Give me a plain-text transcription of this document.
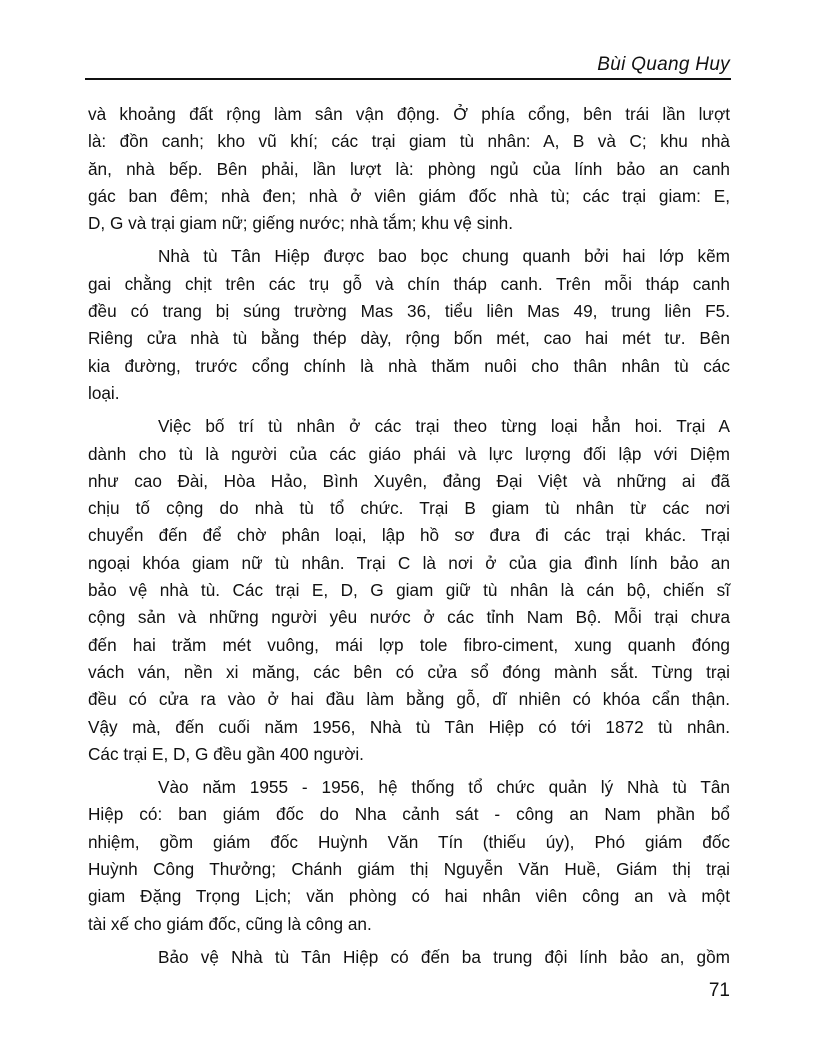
Bùi Quang Huy
và khoảng đất rộng làm sân vận động. Ở phía cổng, bên trái lần lượt
là: đồn canh; kho vũ khí; các trại giam tù nhân: A, B và C; khu nhà
ăn, nhà bếp. Bên phải, lần lượt là: phòng ngủ của lính bảo an canh
gác ban đêm; nhà đen; nhà ở viên giám đốc nhà tù; các trại giam: E,
D, G và trại giam nữ; giếng nước; nhà tắm; khu vệ sinh.
Nhà tù Tân Hiệp được bao bọc chung quanh bởi hai lớp kẽm
gai chằng chịt trên các trụ gỗ và chín tháp canh. Trên mỗi tháp canh
đều có trang bị súng trường Mas 36, tiểu liên Mas 49, trung liên F5.
Riêng cửa nhà tù bằng thép dày, rộng bốn mét, cao hai mét tư. Bên
kia đường, trước cổng chính là nhà thăm nuôi cho thân nhân tù các
loại.
Việc bố trí tù nhân ở các trại theo từng loại hẳn hoi. Trại A
dành cho tù là người của các giáo phái và lực lượng đối lập với Diệm
như cao Đài, Hòa Hảo, Bình Xuyên, đảng Đại Việt và những ai đã
chịu tố cộng do nhà tù tổ chức. Trại B giam tù nhân từ các nơi
chuyển đến để chờ phân loại, lập hồ sơ đưa đi các trại khác. Trại
ngoại khóa giam nữ tù nhân. Trại C là nơi ở của gia đình lính bảo an
bảo vệ nhà tù. Các trại E, D, G giam giữ tù nhân là cán bộ, chiến sĩ
cộng sản và những người yêu nước ở các tỉnh Nam Bộ. Mỗi trại chưa
đến hai trăm mét vuông, mái lợp tole fibro-ciment, xung quanh đóng
vách ván, nền xi măng, các bên có cửa sổ đóng mành sắt. Từng trại
đều có cửa ra vào ở hai đầu làm bằng gỗ, dĩ nhiên có khóa cẩn thận.
Vậy mà, đến cuối năm 1956, Nhà tù Tân Hiệp có tới 1872 tù nhân.
Các trại E, D, G đều gần 400 người.
Vào năm 1955 - 1956, hệ thống tổ chức quản lý Nhà tù Tân
Hiệp có: ban giám đốc do Nha cảnh sát - công an Nam phần bổ
nhiệm, gồm giám đốc Huỳnh Văn Tín (thiếu úy), Phó giám đốc
Huỳnh Công Thưởng; Chánh giám thị Nguyễn Văn Huề, Giám thị trại
giam Đặng Trọng Lịch; văn phòng có hai nhân viên công an và một
tài xế cho giám đốc, cũng là công an.
Bảo vệ Nhà tù Tân Hiệp có đến ba trung đội lính bảo an, gồm
71
